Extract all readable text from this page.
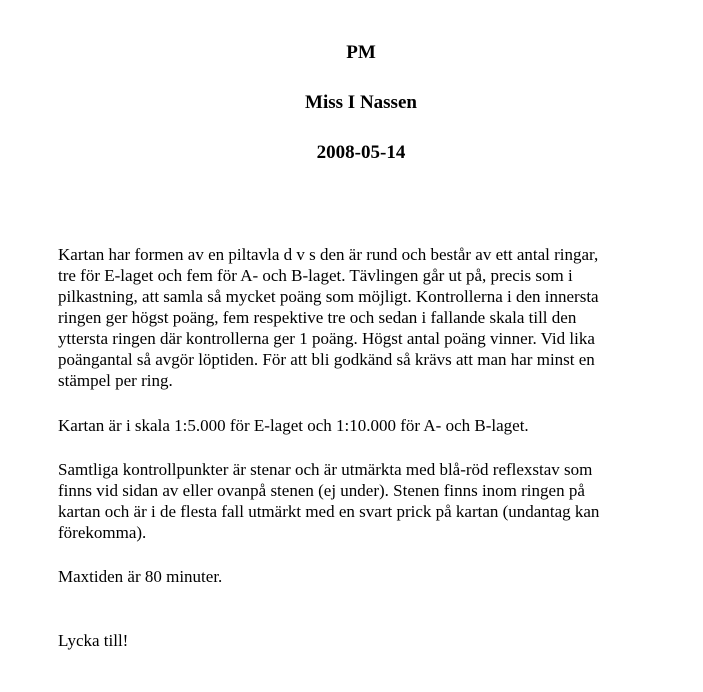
PM
Miss I Nassen
2008-05-14
Kartan har formen av en piltavla d v s den är rund och består av ett antal ringar,
tre för E-laget och fem för A- och B-laget. Tävlingen går ut på, precis som i
pilkastning, att samla så mycket poäng som möjligt. Kontrollerna i den innersta
ringen ger högst poäng, fem respektive tre och sedan i fallande skala till den
yttersta ringen där kontrollerna ger 1 poäng. Högst antal poäng vinner. Vid lika
poängantal så avgör löptiden. För att bli godkänd så krävs att man har minst en
stämpel per ring.
Kartan är i skala 1:5.000 för E-laget och 1:10.000 för A- och B-laget.
Samtliga kontrollpunkter är stenar och är utmärkta med blå-röd reflexstav som
finns vid sidan av eller ovanpå stenen (ej under). Stenen finns inom ringen på
kartan och är i de flesta fall utmärkt med en svart prick på kartan (undantag kan
förekomma).
Maxtiden är 80 minuter.
Lycka till!
